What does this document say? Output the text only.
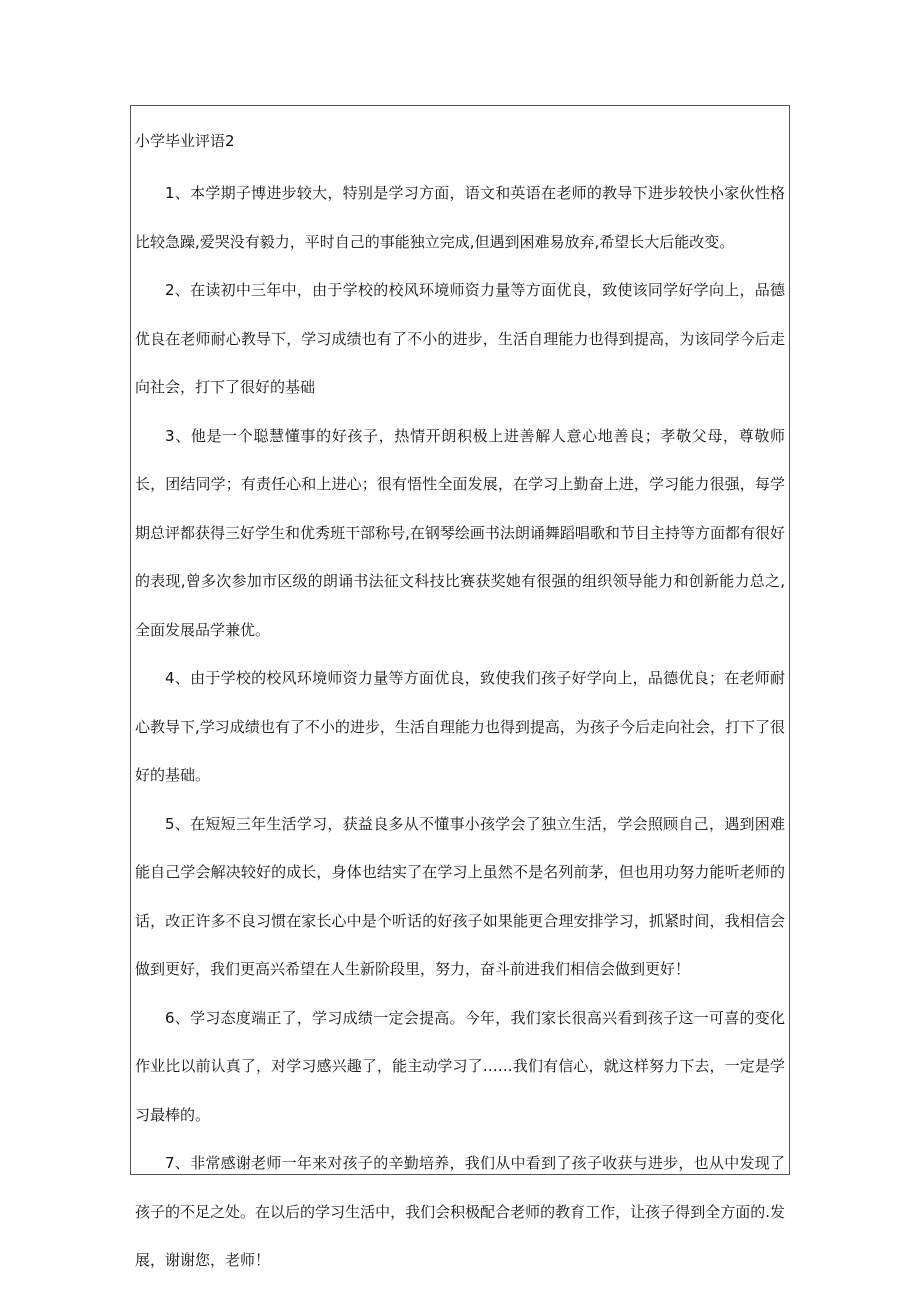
小学毕业评语2

1、本学期子博进步较大，特别是学习方面，语文和英语在老师的教导下进步较快小家伙性格比较急躁,爱哭没有毅力，平时自己的事能独立完成,但遇到困难易放弃,希望长大后能改变。

2、在读初中三年中，由于学校的校风环境师资力量等方面优良，致使该同学好学向上，品德优良在老师耐心教导下，学习成绩也有了不小的进步，生活自理能力也得到提高，为该同学今后走向社会，打下了很好的基础

3、他是一个聪慧懂事的好孩子，热情开朗积极上进善解人意心地善良；孝敬父母，尊敬师长，团结同学；有责任心和上进心；很有悟性全面发展，在学习上勤奋上进，学习能力很强，每学期总评都获得三好学生和优秀班干部称号,在钢琴绘画书法朗诵舞蹈唱歌和节目主持等方面都有很好的表现,曾多次参加市区级的朗诵书法征文科技比赛获奖她有很强的组织领导能力和创新能力总之,全面发展品学兼优。

4、由于学校的校风环境师资力量等方面优良，致使我们孩子好学向上，品德优良；在老师耐心教导下,学习成绩也有了不小的进步，生活自理能力也得到提高，为孩子今后走向社会，打下了很好的基础。

5、在短短三年生活学习，获益良多从不懂事小孩学会了独立生活，学会照顾自己，遇到困难能自己学会解决较好的成长，身体也结实了在学习上虽然不是名列前茅，但也用功努力能听老师的话，改正许多不良习惯在家长心中是个听话的好孩子如果能更合理安排学习，抓紧时间，我相信会做到更好，我们更高兴希望在人生新阶段里，努力，奋斗前进我们相信会做到更好！

6、学习态度端正了，学习成绩一定会提高。今年，我们家长很高兴看到孩子这一可喜的变化作业比以前认真了，对学习感兴趣了，能主动学习了……我们有信心，就这样努力下去，一定是学习最棒的。

7、非常感谢老师一年来对孩子的辛勤培养，我们从中看到了孩子收获与进步，也从中发现了孩子的不足之处。在以后的学习生活中，我们会积极配合老师的教育工作，让孩子得到全方面的.发展，谢谢您，老师！
